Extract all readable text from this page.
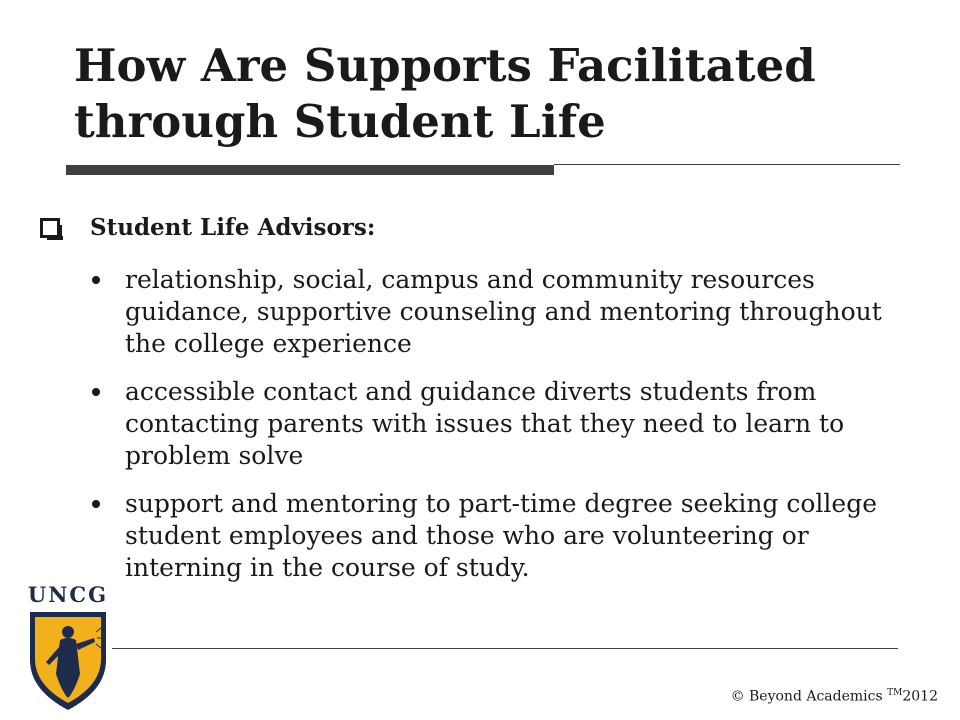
How Are Supports Facilitated through Student Life
Student Life Advisors:
relationship, social, campus and community resources guidance, supportive counseling and mentoring throughout the college experience
accessible contact and guidance diverts students from contacting parents with issues that they need to learn to problem solve
support and mentoring to part-time degree seeking college student employees and those who are volunteering or interning in the course of study.
UNCG
© Beyond Academics ™2012
